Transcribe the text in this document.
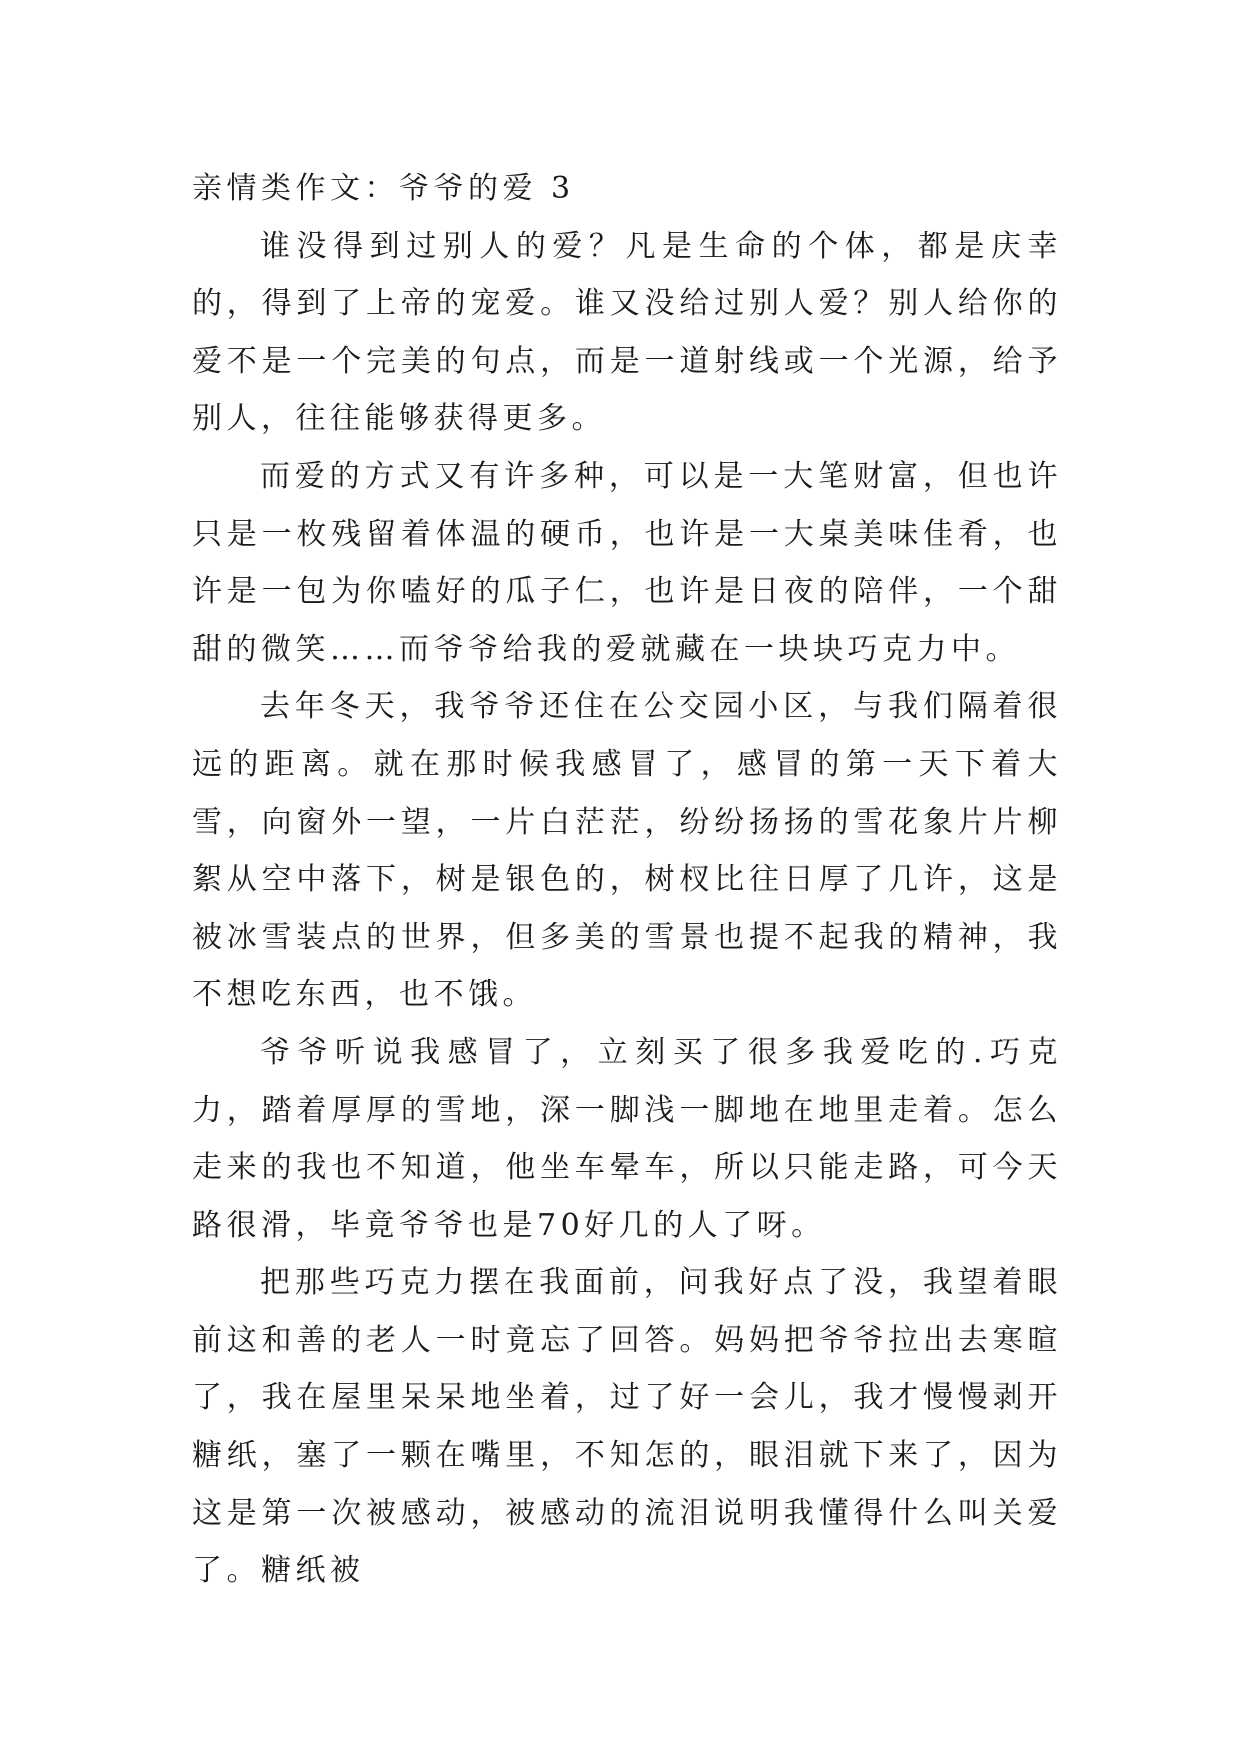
亲情类作文：爷爷的爱 3

谁没得到过别人的爱？凡是生命的个体，都是庆幸的，得到了上帝的宠爱。谁又没给过别人爱？别人给你的爱不是一个完美的句点，而是一道射线或一个光源，给予别人，往往能够获得更多。

而爱的方式又有许多种，可以是一大笔财富，但也许只是一枚残留着体温的硬币，也许是一大桌美味佳肴，也许是一包为你嗑好的瓜子仁，也许是日夜的陪伴，一个甜甜的微笑……而爷爷给我的爱就藏在一块块巧克力中。

去年冬天，我爷爷还住在公交园小区，与我们隔着很远的距离。就在那时候我感冒了，感冒的第一天下着大雪，向窗外一望，一片白茫茫，纷纷扬扬的雪花象片片柳絮从空中落下，树是银色的，树杈比往日厚了几许，这是被冰雪装点的世界，但多美的雪景也提不起我的精神，我不想吃东西，也不饿。

爷爷听说我感冒了，立刻买了很多我爱吃的.巧克力，踏着厚厚的雪地，深一脚浅一脚地在地里走着。怎么走来的我也不知道，他坐车晕车，所以只能走路，可今天路很滑，毕竟爷爷也是70好几的人了呀。

把那些巧克力摆在我面前，问我好点了没，我望着眼前这和善的老人一时竟忘了回答。妈妈把爷爷拉出去寒暄了，我在屋里呆呆地坐着，过了好一会儿，我才慢慢剥开糖纸，塞了一颗在嘴里，不知怎的，眼泪就下来了，因为这是第一次被感动，被感动的流泪说明我懂得什么叫关爱了。糖纸被
